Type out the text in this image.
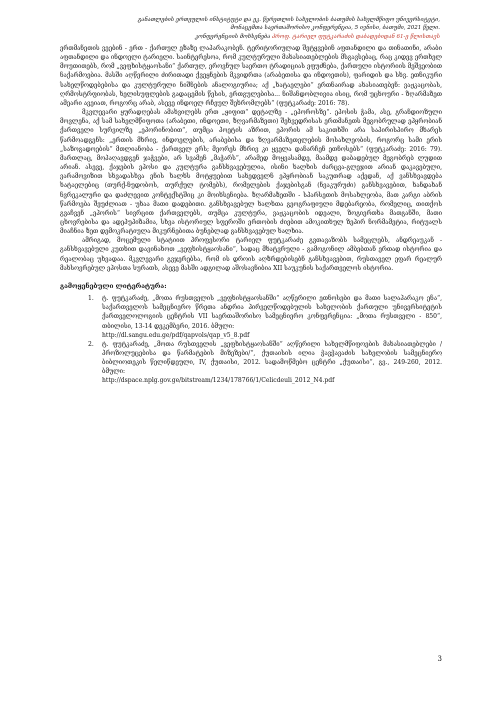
განათლების ერთეულის ინსტიტუტი და ეკ. წერეთლის სახელობის ბათუმის სახელმწიფო უნივერსიტეტი,
მონაცემთა საერთაშორისო კონფერენცია, 5 ივნისი, ბათუმი, 2021 წელი.
კონფერენციის მოხსენება პროფ. ტარიელ ფუტკარაძის დაბადებიდან 61-ე წლისთავს

ერთმანეთის ვეებინ - ერთ - ქართულ ეზაზე ლაპარაკობენ. ტერიტორიულად შეტყვებინ აფთანდილი და თინათინი, არაბი აფთანდილი და ინდოელი ტარიელი. საინტერესოა, რომ კულტურული მახასიათებლების მსგავსებაც, რაც კიდევ ერთხელ მოუთითებს, რომ „ვეფხისტყაოსანი“ ქართულ, ეროვნულ საერთო ტრადიციას ეფუძნება, ქართული ისტორიის მეშვეობით ნაქარმოებია. მასში აღწერილი ძირითადი ქვეყნების მკვიდრთა (არაბეთისა და ინდოეთის), ფარიდის და სხვ. ეთნიკური სახელწოდებებისა და კულტურული ნიშნების ანალოგიურია; აქ „ხატაელები“ ერთნაირად ახასიათებენ: ვაჟკაცობას, ღრმოსტრფიობას, ხელისუფლების გადაცემის წესის, ერთგულებისა... ნიშანდობლივია ისიც, რომ უცხოური - ზღარმაზეთ ამეარი ავეიათ, როგორც არაბ, ასევე ინდოელ რჩეულ შეხრომლებს“ (ფუტკარაძე: 2016: 78).

მკვლევარი ყურადღებას ამახვილებს ერთ „ყიფით“ დეტალზე - „ეპოროსზე“. ეპოსის ჭამა, ასე, გრანდიოზული მოვლენა, აქ სამ სახელმწიფოთა (არაბეთი, ინდოეთი, ზღვარმაზეთი) შეხვედრისას ერთმანეთს მეგობრულად ეპყრობიან ქართველი სურვილზე „ეპორინობით“, თუმცა პოეტის აზრით, ეპორის ამ საკითხში არა საპირისპირო მხარეს წარმოადგენს: „ერთის მხრივ, ინდოელების, არაბებისა და ზღვარმაზეთელების მოსახლეობის, როგორც სამი ერის „საზოგადოების“ მთლიანობა - ქართველ ერს; მეორეს მხრივ კი ყველა დანარჩენ ეთნოსებს“ (ფუტკარაძე: 2016: 79). მართლაც, მოპაღავდგენ ჯაჭვები, არ სვამენ „მაჭარს“, არამედ მოყვასამდე, მაამდე დაბადებულ მეგობრებ ლუდით არიან. ასევე, ქაჯების ეპოსი და კულტურა განსხვავებულია, ისინი ხალხის ძარცვა-გლეჯით არიან დაკავებული, ვარამოვიზით სხვადასხვა ენის ხალხს მოტყუებით სახედველნ ეპყრობიან საკუთრად აქედან, აქ ვანსხვავდება ხატაელებიც (თურქ-ნუდობოს, თურქულ ტომებს), რომელების ქაჯებისგან (ნვაკურუძი) განსხვავებით, ხანდახან ნვრეკალური და დაძლევით კონტექსტშიც კი მოიხსენიება. ზღარმაზეთში - სპარსეთის მოსახლეობა, მათ კარგი აბრის წარმოება შეუძლიათ - უხაა მათი დადებითი. განსხვავებულ ხალხთა გეოგრაფიული მდებარეობა, რომელიც, თითქოს გვაჩვენ „ეპორის“ სივრცით ქართველებს, თუმცა კულტურა, ვაჟკაცობის იდეალი, ზოგიერთხა მათგანში, მათი ცხოვრებისა და ადეპუპიზამია, სხვა ისტორიულ სფეროში ერთობის ძიებით ამოკითხულ ზეპირ ნორმამეტია, რიტუალს მიაჩნია ზეთ დემოკრატიულა მიკურნებითა ბუნებლად განსხვავებულ ხალხია.

ამრიგად, მოცემული სტატიით პროფესორი ტარიელ ფუტკარაძე გვთავაზობს სამეცლებს, ანდრეაუკან - განსხვავებული კუთხით დავინახოთ „ვეფხისტყაოსანი“, სადაც მხატვრული - გამოგონილ ამბებთან ერთად ისტორია და რეალობაც უხვადაა. მკვლევარი გვჯერებსა, რომ ის დროის აღზრდებისებნ განსხვავებით, რუსთაველ ეფარ რეალურ მახსოვრებულ ეპოსთა სურათს, ასევე მასში ადგილად აშოსავნიბია XII საუკუნის საქართველოს ისტორია.

გამოყენებული ლიტერატურა:
1. ტ. ფუტკარაძე, „მოთა რუსთველის „ვეფხისტყაოსანში“ აღწერილი ეთნოსები და მათი სალაპარაკო ენა“, საქართველოს სამეცნიერო წრეთა ანდრია პირველწოდებულის სახელობის ქართული უნივერსიტეტის ქართველოლოგიის ცენტრის VII საერთაშორისო სამეცნიერო კონფერენცია: „მოთა რუსთველი - 850“, თბილისი, 13-14 დეკემბერი, 2016. ბმული:
http://dl.sangu.edu.ge/pdf/qapvols/qap_v5_8.pdf
2. ტ. ფუტკარაძე, „მოთა რუსთველის „ვეფხისტყაოსანში“ აღწერილი სახელმწიფოების მახასიათებლები /პროზოლუცებისა და წარმატების მიზეზები/“, ქუთაისის ილია ჭავჭავაძის სახელობის სამეცნიერო ბიბლიოთეკის წელიწდეული, IV, ქუთაისი, 2012. სადამოწმებო ცენტრი „ქუთაისი“, გვ., 249-260, 2012. ბმული:
http://dspace.nplg.gov.ge/bitstream/1234/178766/1/Celicdeuli_2012_N4.pdf
3
